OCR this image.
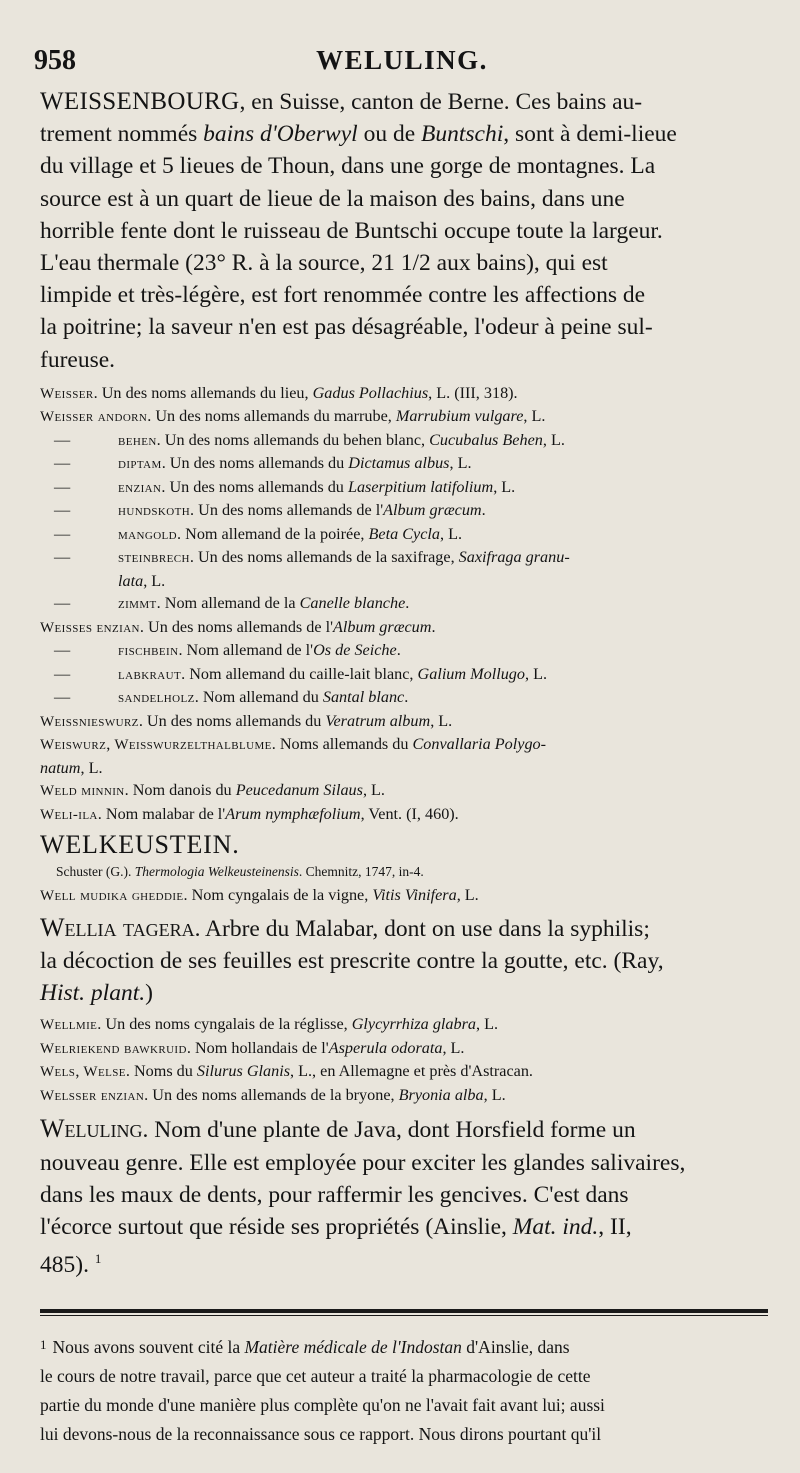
958	WELULING.

WEISSENBOURG, en Suisse, canton de Berne. Ces bains au-

trement nommés bains d'Oberwyl ou de Buntschi, sont à demi-lieue

du village et 5 lieues de Thoun, dans une gorge de montagnes. La

source est à un quart de lieue de la maison des bains, dans une

horrible fente dont le ruisseau de Buntschi occupe toute la largeur.

L'eau thermale (23° R. à la source, 21 1/2 aux bains), qui est

limpide et très-légère, est fort renommée contre les affections de

la poitrine; la saveur n'en est pas désagréable, l'odeur à peine sul-

fureuse.

Weisser. Un des noms allemands du lieu, Gadus Pollachius, L. (III, 318).

Weisser andorn. Un des noms allemands du marrube, Marrubium vulgare, L.

—	behen. Un des noms allemands du behen blanc, Cucubalus Behen, L.

—	diptam. Un des noms allemands du Dictamus albus, L.

—	enzian. Un des noms allemands du Laserpitium latifolium, L.

—	hundskoth. Un des noms allemands de l'Album græcum.

—	mangold. Nom allemand de la poirée, Beta Cycla, L.

—	steinbrech. Un des noms allemands de la saxifrage, Saxifraga granu-

lata, L.

—	zimmt. Nom allemand de la Canelle blanche.

Weisses enzian. Un des noms allemands de l'Album græcum.

—	fischbein. Nom allemand de l'Os de Seiche.

—	labkraut. Nom allemand du caille-lait blanc, Galium Mollugo, L.

—	sandelholz. Nom allemand du Santal blanc.

Weissnieswurz. Un des noms allemands du Veratrum album, L.

Weiswurz, Weisswurzelthalblume. Noms allemands du Convallaria Polygo-

natum, L.

Weld minnin. Nom danois du Peucedanum Silaus, L.

Weli-ila. Nom malabar de l'Arum nymphæfolium, Vent. (I, 460).

WELKEUSTEIN.

Schuster (G.). Thermologia Welkeusteinensis. Chemnitz, 1747, in-4.

Well mudika gheddie. Nom cyngalais de la vigne, Vitis Vinifera, L.

Wellia tagera. Arbre du Malabar, dont on use dans la syphilis;

la décoction de ses feuilles est prescrite contre la goutte, etc. (Ray,

Hist. plant.)

Wellmie. Un des noms cyngalais de la réglisse, Glycyrrhiza glabra, L.

Welriekend bawkruid. Nom hollandais de l'Asperula odorata, L.

Wels, Welse. Noms du Silurus Glanis, L., en Allemagne et près d'Astracan.

Welsser enzian. Un des noms allemands de la bryone, Bryonia alba, L.

Weluling. Nom d'une plante de Java, dont Horsfield forme un

nouveau genre. Elle est employée pour exciter les glandes salivaires,

dans les maux de dents, pour raffermir les gencives. C'est dans

l'écorce surtout que réside ses propriétés (Ainslie, Mat. ind., II,

485). $^1$

$^1$ Nous avons souvent cité la Matière médicale de l'Indostan d'Ainslie, dans

le cours de notre travail, parce que cet auteur a traité la pharmacologie de cette

partie du monde d'une manière plus complète qu'on ne l'avait fait avant lui; aussi

lui devons-nous de la reconnaissance sous ce rapport. Nous dirons pourtant qu'il
